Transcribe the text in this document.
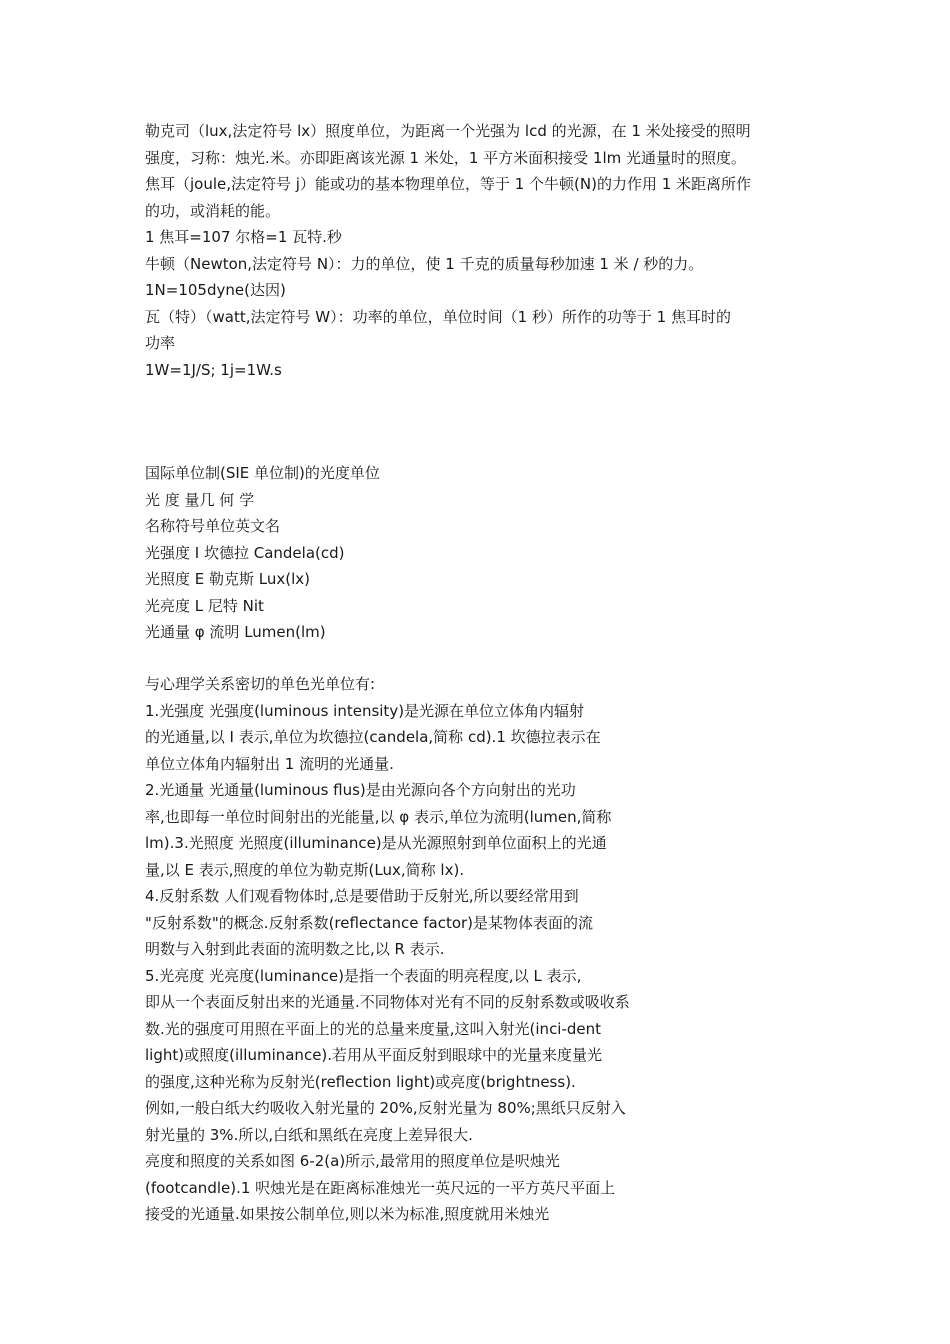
勒克司（lux,法定符号 lx）照度单位，为距离一个光强为 lcd 的光源，在 1 米处接受的照明
强度，习称：烛光.米。亦即距离该光源 1 米处，1 平方米面积接受 1lm 光通量时的照度。
焦耳（joule,法定符号 j）能或功的基本物理单位，等于 1 个牛顿(N)的力作用 1 米距离所作
的功，或消耗的能。
1 焦耳=107 尔格=1 瓦特.秒
牛顿（Newton,法定符号 N）：力的单位，使 1 千克的质量每秒加速 1 米 / 秒的力。
1N=105dyne(达因)
瓦（特）（watt,法定符号 W）：功率的单位，单位时间（1 秒）所作的功等于 1 焦耳时的
功率
1W=1J/S; 1j=1W.s
国际单位制(SIE 单位制)的光度单位
光 度 量几 何 学
名称符号单位英文名
光强度 I 坎德拉 Candela(cd)
光照度 E 勒克斯 Lux(lx)
光亮度 L 尼特 Nit
光通量 φ 流明 Lumen(lm)
与心理学关系密切的单色光单位有:
1.光强度 光强度(luminous intensity)是光源在单位立体角内辐射
的光通量,以 I 表示,单位为坎德拉(candela,简称 cd).1 坎德拉表示在
单位立体角内辐射出 1 流明的光通量.
2.光通量 光通量(luminous flus)是由光源向各个方向射出的光功
率,也即每一单位时间射出的光能量,以 φ 表示,单位为流明(lumen,简称
lm).3.光照度 光照度(illuminance)是从光源照射到单位面积上的光通
量,以 E 表示,照度的单位为勒克斯(Lux,简称 lx).
4.反射系数 人们观看物体时,总是要借助于反射光,所以要经常用到
"反射系数"的概念.反射系数(reflectance factor)是某物体表面的流
明数与入射到此表面的流明数之比,以 R 表示.
5.光亮度 光亮度(luminance)是指一个表面的明亮程度,以 L 表示,
即从一个表面反射出来的光通量.不同物体对光有不同的反射系数或吸收系
数.光的强度可用照在平面上的光的总量来度量,这叫入射光(inci-dent
light)或照度(illuminance).若用从平面反射到眼球中的光量来度量光
的强度,这种光称为反射光(reflection light)或亮度(brightness).
例如,一般白纸大约吸收入射光量的 20%,反射光量为 80%;黑纸只反射入
射光量的 3%.所以,白纸和黑纸在亮度上差异很大.
亮度和照度的关系如图 6-2(a)所示,最常用的照度单位是呎烛光
(footcandle).1 呎烛光是在距离标准烛光一英尺远的一平方英尺平面上
接受的光通量.如果按公制单位,则以米为标准,照度就用米烛光
